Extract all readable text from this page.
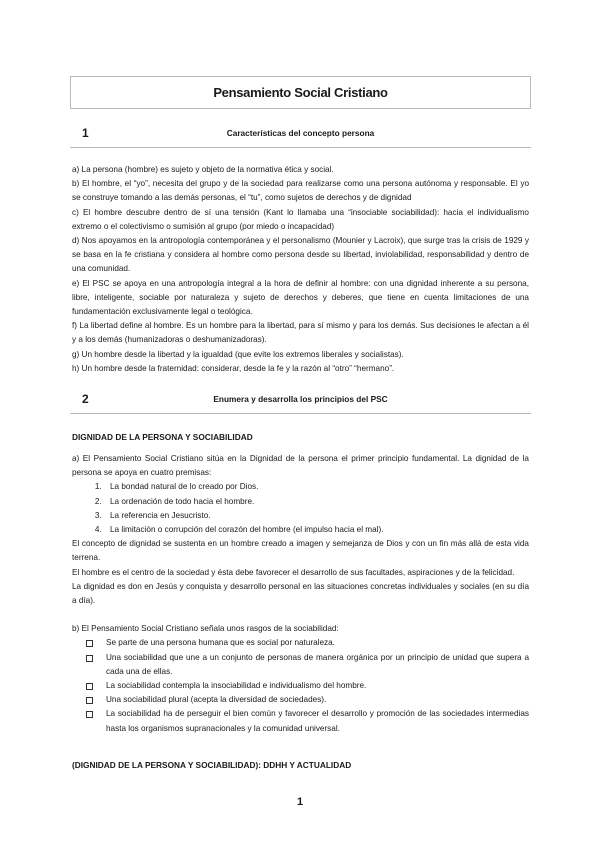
Pensamiento Social Cristiano
1	Características del concepto persona

a) La persona (hombre) es sujeto y objeto de la normativa ética y social.

b) El hombre, el “yo”, necesita del grupo y de la sociedad para realizarse como una persona autónoma y responsable. El yo se construye tomando a las demás personas, el “tu”, como sujetos de derechos y de dignidad

c) El hombre descubre dentro de sí una tensión (Kant lo llamaba una “insociable sociabilidad): hacia el individualismo extremo o el colectivismo o sumisión al grupo (por miedo o incapacidad)

d) Nos apoyamos en la antropología contemporánea y el personalismo (Mounier y Lacroix), que surge tras la crisis de 1929 y se basa en la fe cristiana y considera al hombre como persona desde su libertad, inviolabilidad, responsabilidad y dentro de una comunidad.

e) El PSC se apoya en una antropología integral a la hora de definir al hombre: con una dignidad inherente a su persona, libre, inteligente, sociable por naturaleza y sujeto de derechos y deberes, que tiene en cuenta limitaciones de una fundamentación exclusivamente legal o teológica.

f) La libertad define al hombre. Es un hombre para la libertad, para sí mismo y para los demás. Sus decisiones le afectan a él y a los demás (humanizadoras o deshumanizadoras).

g) Un hombre desde la libertad y la igualdad (que evite los extremos liberales y socialistas).

h) Un hombre desde la fraternidad: considerar, desde la fe y la razón al “otro” “hermano”.

2	Enumera y desarrolla los principios del PSC
DIGNIDAD DE LA PERSONA Y SOCIABILIDAD

a) El Pensamiento Social Cristiano sitúa en la Dignidad de la persona el primer principio fundamental. La dignidad de la persona se apoya en cuatro premisas:

1. La bondad natural de lo creado por Dios.
2. La ordenación de todo hacia el hombre.
3. La referencia en Jesucristo.
4. La limitación o corrupción del corazón del hombre (el impulso hacia el mal).

El concepto de dignidad se sustenta en un hombre creado a imagen y semejanza de Dios y con un fin más allá de esta vida terrena.

El hombre es el centro de la sociedad y ésta debe favorecer el desarrollo de sus facultades, aspiraciones y de la felicidad.

La dignidad es don en Jesús y conquista y desarrollo personal en las situaciones concretas individuales y sociales (en su día a día).

b) El Pensamiento Social Cristiano señala unos rasgos de la sociabilidad:

Se parte de una persona humana que es social por naturaleza.
Una sociabilidad que une a un conjunto de personas de manera orgánica por un principio de unidad que supera a cada una de ellas.
La sociabilidad contempla la insociabilidad e individualismo del hombre.
Una sociabilidad plural (acepta la diversidad de sociedades).
La sociabilidad ha de perseguir el bien común y favorecer el desarrollo y promoción de las sociedades intermedias hasta los organismos supranacionales y la comunidad universal.
(DIGNIDAD DE LA PERSONA Y SOCIABILIDAD): DDHH Y ACTUALIDAD
1
